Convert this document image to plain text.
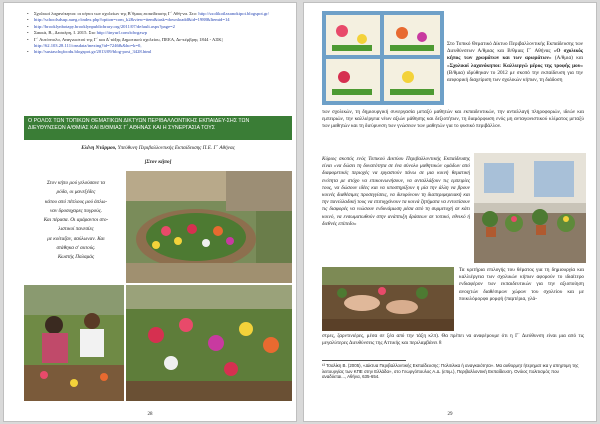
• Σχολικοί λαχανόκηποι: οι κήποι των σχολείων της Β΄θμιας εκπαίδευσης Γ΄ Αθή-να. Στο: http://sxolikoilaxanokipoi.blogspot.gr/
• http://schoolsdsup.aueg.r/index.php?option=com_k2&view=item&task=downloadd&id=1988&Itemid=14
• http://brooklynbotapy.brooklynpublicbrary.org/2011/07/default.aspx?page=2
• Σακκά, Β., Δεσσέρη, Ι. 2015. Στο http://tinyurl.com/tdwgzwp
• Γ΄ Αυτόπτολο, Αναγνωστού της Γ΄ και Δ΄τάξης Δημοτικού σχολείου, ΠΕΕΑ, Δε-κέμβρης 1844 - ΑΞΚ| http://62.103.28.111/onsdata/inexing?id=7246&&ho=k=0,
• http://sustaschqfoodu.blogspot.gr/2013/09/blog-post_3428.html
Ο ΡΟΛΟΣ ΤΩΝ ΤΟΠΙΚΩΝ ΘΕΜΑΤΙΚΩΝ ΔΙΚΤΥΩΝ ΠΕΡΙΒΑΛΛΟΝΤΙΚΗΣ ΕΚΠΑΙΔΕΥ-ΣΗΣ ΤΩΝ ΔΙΕΥΘΥΝΣΕΩΝ Α/ΘΜΙΑΣ ΚΑΙ Β/ΘΜΙΑΣ Γ΄ ΑΘΗΝΑΣ ΚΑΙ Η ΣΥΝΕΡΓΑΣΙΑ ΤΟΥΣ
Ελένη Ντάρμου, Υπεύθυνη Περιβαλλοντικής Εκπαίδευσης Π.Ε. Γ΄ Αθήνας
[Στον κήπο]
Στον κήπο μού γελούσανε τα
ρόδα, οι μανεξέδες
κάτου από πέπλους μού άπλω-
ναν δροσοχαρες πογρούς.
Και πέρασα. Οι αμάραντοι στο-
λιστικοί πανεσίες
με κοίταζαν, σαύλωναν. Και
στάθηκα σ' αυτούς.
Κωστής Παλαμάς
28
Στο Τοπικό Θεματικό Δίκτυο Περιβαλλοντικής Εκπαίδευσης των Διευθύνσεων Α/θμιας και Β/θμιας Γ΄ Αθήνας «Ο σχολικός κήπος των χρωμάτων και των αρωμάτων» (Α/θμια) και «Σχολικοί λαχανόκηποι: Καλλιεργώ μέρος της τροφής μου» (Β/θμια) ιδρύθηκαν το 2012 με σκοπό την εκπαίδευση για την αειφορική διαχείριση των σχολικών κήπων, τη διάδοση
των σχολικών, τη δημιουργική συνεργασία μεταξύ μαθητών και εκπαιδευτικών, την ανταλλαγή πληροφοριών, ιδεών και εμπειριών, την καλλιέργεια νέων αξιών μάθησης και δεξιοτήτων, τη διαμόρφωση ενός μη ανταγωνιστικού κλίματος μεταξύ των μαθητών και τη διεύρυνση των γνώσεων των μαθητών για το φυσικό περιβάλλον.
Κύριος σκοπός ενός Τοπικού Δικτύου Περιβαλλοντικής Εκπαίδευσης είναι «να δώσει τη δυνατότητα σε ένα σύνολο μαθητικών ομάδων από διαφορετικές περιοχές να εργαστούν πάνω σε μια κοινή θεματική ενότητα με στόχο να επικοινωνήσουν, να ανταλλάξουν τις εμπειρίες τους, να δώσουν ιδέες και να υποστηρίξουν η μία την άλλη να βρουν κοινές διαθέσιμες προσεγγίσεις, να διευρύνουν τη διαπεριφερειακή και την πανελλαδική τους να επιτυγχάνουν τα κοινά ζητήματα να εντοπίσουν τις διαφορές να νιώσουν ενδυνάμωση μέσα από τη συμμετοχή σε κάτι κοινό, να ενσωματωθούν στην ανάπτυξη δράσεων σε τοπικό, εθνικό ή διεθνές επίπεδο»
Τα κριτήρια επιλογής του θέματος για τη δημιουργία και καλλιέργεια των σχολικών κήπων αφορούν το ιδιαίτερο ενδιαφέρον των εκπαιδευτικών για την αξιοποίηση ανοιχτών διαθέσιμων χώρων του σχολείου και με ποικιλόμορφο ρομφή (παρτέρια, γλά-
στρες, ζαρντινιέρες, μέσα σε ξέα από την τάξη κλπ). Θα πρέπει να αναφέρουμε ότι η Γ΄ Διεύθυνση είναι μια από τις μεγαλύτερες Διευθύνσεις της Αττικής και περιλαμβάνει 8
¹³ Τσαλίκη Β. (2005), «Δίκτυα Περιβαλλοντικής Εκπαίδευσης: Πολιτιλικα ή αναγκαιότητα». Μα αυθορμητ ήτερηματ ικα γ απηρτιμη της λειτουργίας των ΚΠΕ στην Ελλάδα», στο Γεωργόπουλος Α.Δ. (επιμ.), Περιβαλλοντική Εκπαίδευση. Ονόιος πολιτισμός που αναδύεται..., Αθήνα, 635-654.
29
